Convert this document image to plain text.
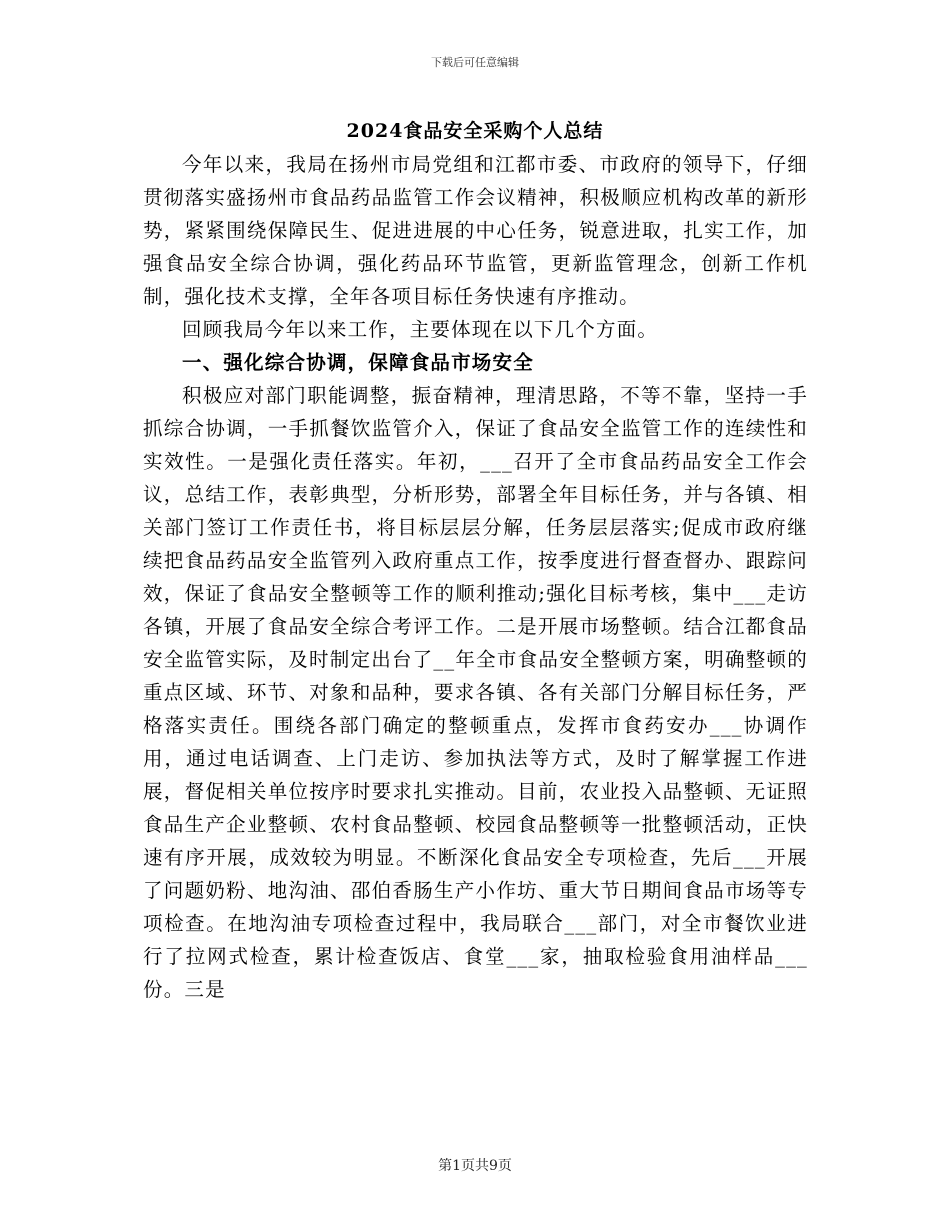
下载后可任意编辑
2024食品安全采购个人总结

今年以来，我局在扬州市局党组和江都市委、市政府的领导下，仔细贯彻落实盛扬州市食品药品监管工作会议精神，积极顺应机构改革的新形势，紧紧围绕保障民生、促进进展的中心任务，锐意进取，扎实工作，加强食品安全综合协调，强化药品环节监管，更新监管理念，创新工作机制，强化技术支撑，全年各项目标任务快速有序推动。

回顾我局今年以来工作，主要体现在以下几个方面。

一、强化综合协调，保障食品市场安全

积极应对部门职能调整，振奋精神，理清思路，不等不靠，坚持一手抓综合协调，一手抓餐饮监管介入，保证了食品安全监管工作的连续性和实效性。一是强化责任落实。年初，___召开了全市食品药品安全工作会议，总结工作，表彰典型，分析形势，部署全年目标任务，并与各镇、相关部门签订工作责任书，将目标层层分解，任务层层落实;促成市政府继续把食品药品安全监管列入政府重点工作，按季度进行督查督办、跟踪问效，保证了食品安全整顿等工作的顺利推动;强化目标考核，集中___走访各镇，开展了食品安全综合考评工作。二是开展市场整顿。结合江都食品安全监管实际，及时制定出台了__年全市食品安全整顿方案，明确整顿的重点区域、环节、对象和品种，要求各镇、各有关部门分解目标任务，严格落实责任。围绕各部门确定的整顿重点，发挥市食药安办___协调作用，通过电话调查、上门走访、参加执法等方式，及时了解掌握工作进展，督促相关单位按序时要求扎实推动。目前，农业投入品整顿、无证照食品生产企业整顿、农村食品整顿、校园食品整顿等一批整顿活动，正快速有序开展，成效较为明显。不断深化食品安全专项检查，先后___开展了问题奶粉、地沟油、邵伯香肠生产小作坊、重大节日期间食品市场等专项检查。在地沟油专项检查过程中，我局联合___部门，对全市餐饮业进行了拉网式检查，累计检查饭店、食堂___家，抽取检验食用油样品___份。三是

第1页共9页
